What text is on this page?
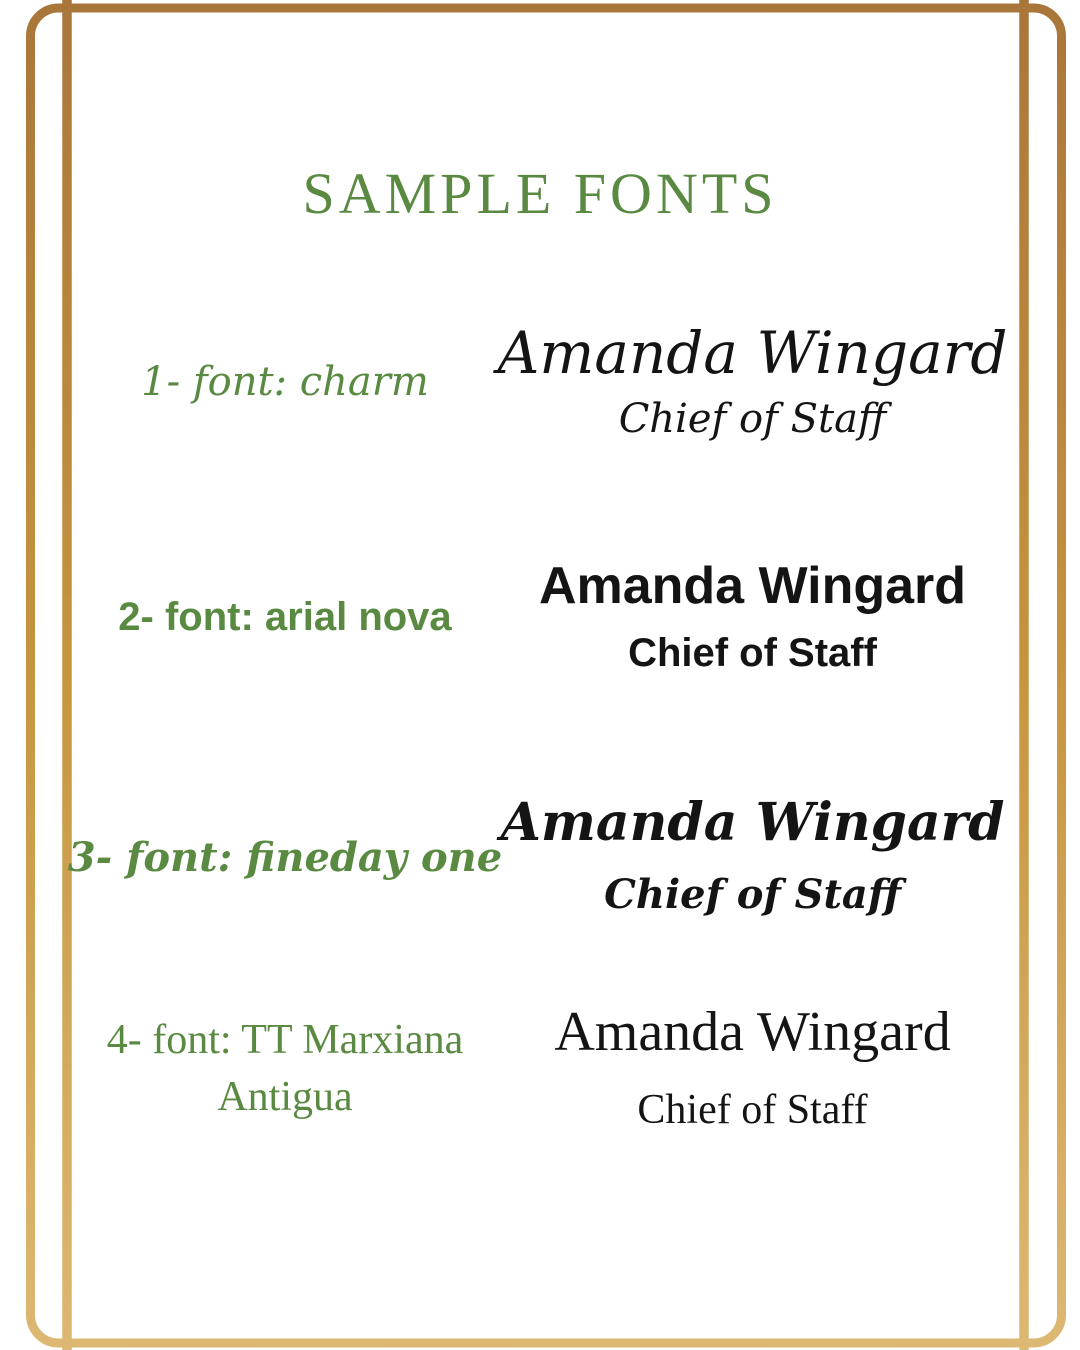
SAMPLE FONTS
1- font: charm Amanda Wingard
Chief of Staff
2- font: arial nova
Amanda Wingard
Chief of Staff
3- font: fineday one
Amanda Wingard
Chief of Staff
4- font: TT Marxiana Antigua
Amanda Wingard
Chief of Staff
